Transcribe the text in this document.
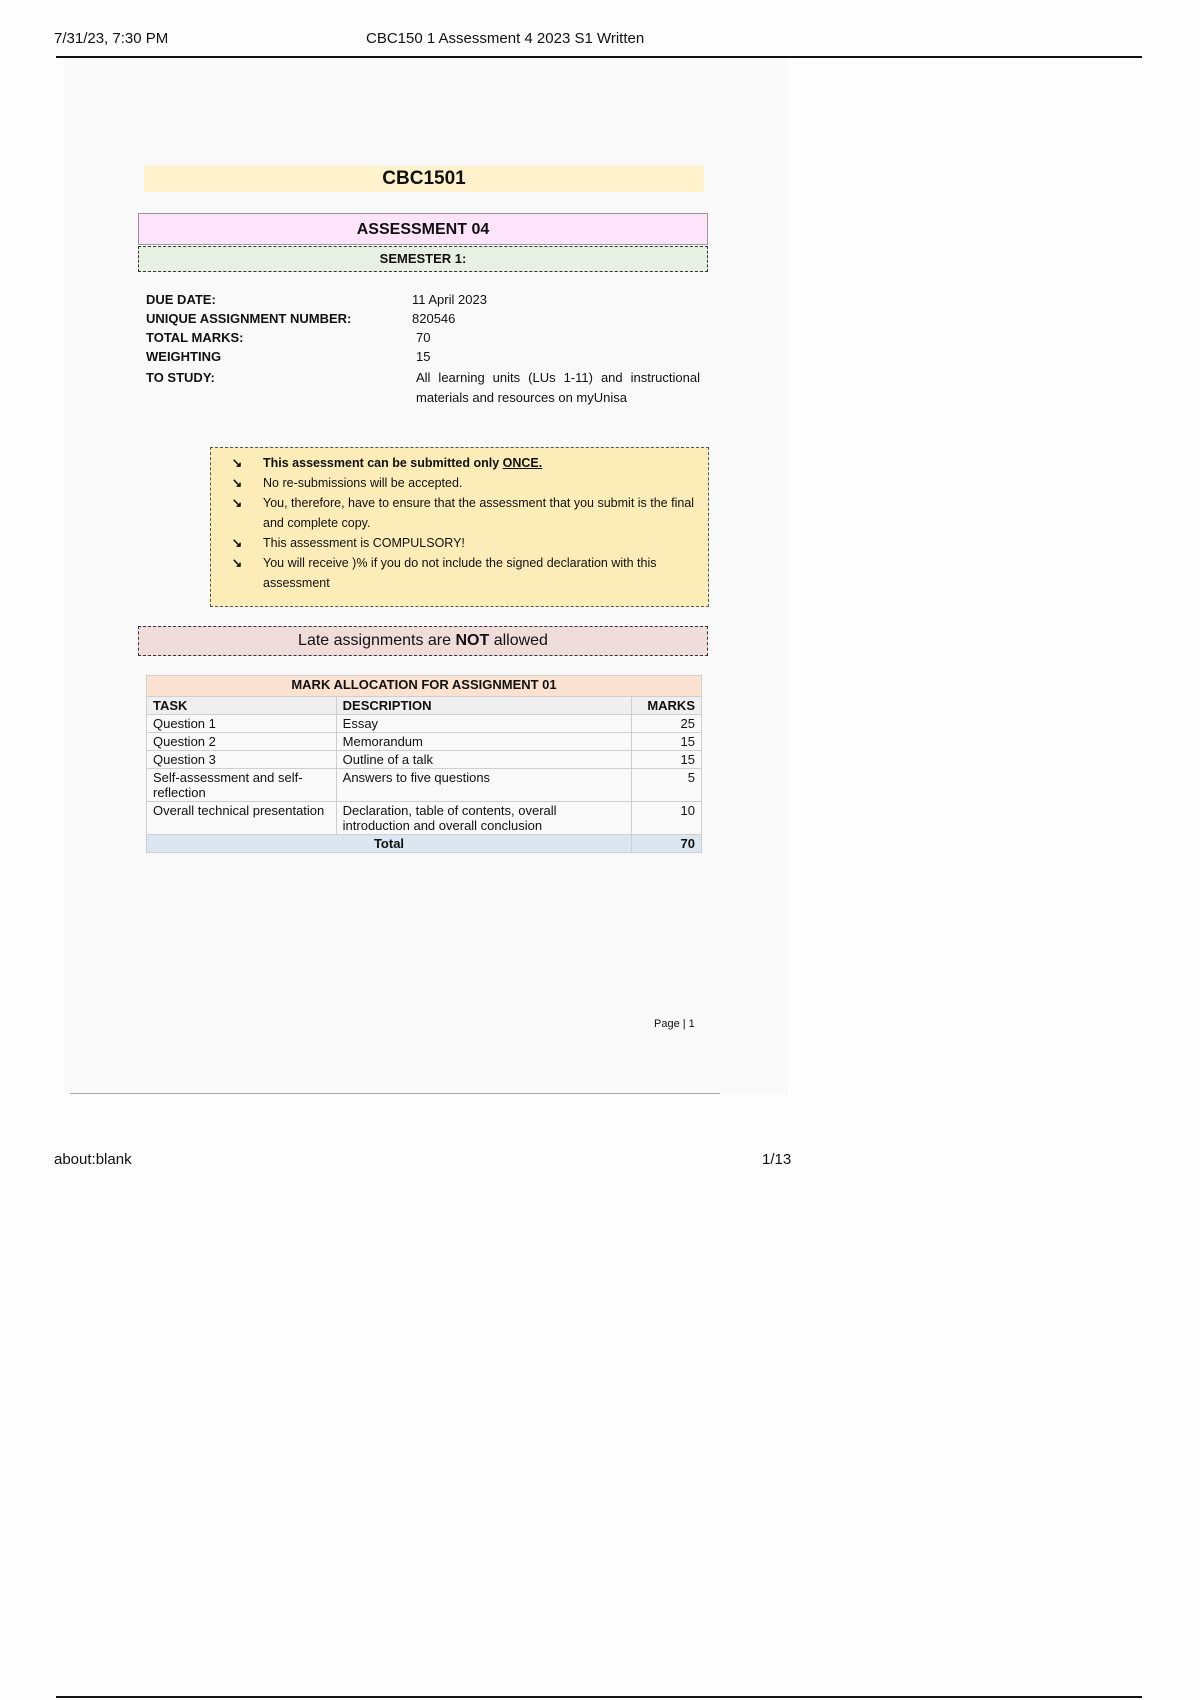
7/31/23, 7:30 PM	CBC150 1 Assessment 4 2023 S1 Written
CBC1501
ASSESSMENT 04
SEMESTER 1:
DUE DATE:	11 April 2023
UNIQUE ASSIGNMENT NUMBER:	820546
TOTAL MARKS:	70
WEIGHTING	15
TO STUDY:	All learning units (LUs 1-11) and instructional materials and resources on myUnisa
↘	This assessment can be submitted only ONCE.
↘	No re-submissions will be accepted.
↘	You, therefore, have to ensure that the assessment that you submit is the final and complete copy.
↘	This assessment is COMPULSORY!
↘	You will receive )% if you do not include the signed declaration with this assessment
Late assignments are NOT allowed
MARK ALLOCATION FOR ASSIGNMENT 01		
TASK	DESCRIPTION	MARKS
Question 1	Essay	25
Question 2	Memorandum	15
Question 3	Outline of a talk	15
Self-assessment and self-reflection	Answers to five questions	5
Overall technical presentation	Declaration, table of contents, overall introduction and overall conclusion	10
Total		70
Page | 1
about:blank	1/13
